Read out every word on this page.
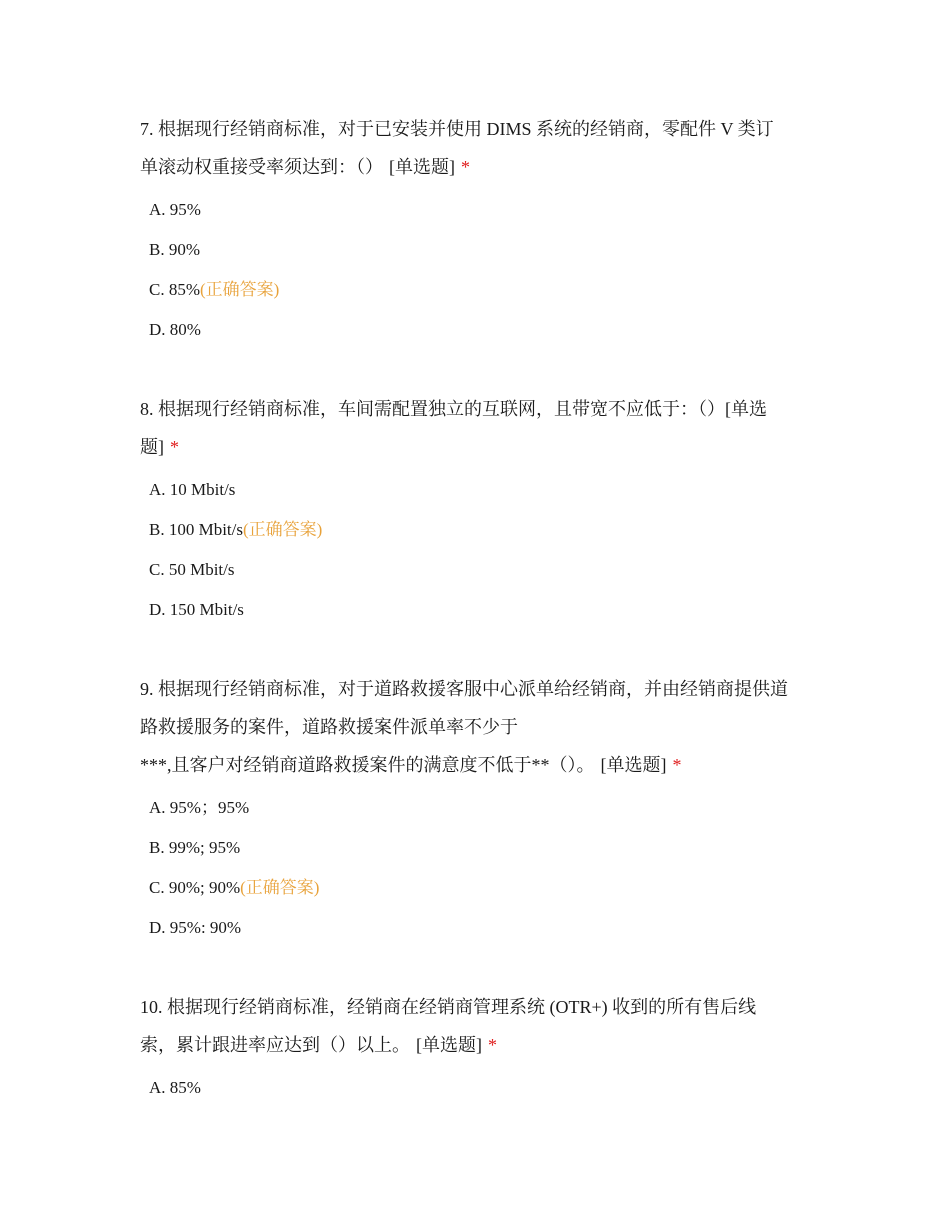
7. 根据现行经销商标准，对于已安装并使用 DIMS 系统的经销商，零配件 V 类订
单滚动权重接受率须达到：（） [单选题] *

A. 95%
B. 90%
C. 85%(正确答案)
D. 80%

8. 根据现行经销商标准，车间需配置独立的互联网，且带宽不应低于：（）[单选
题] *

A. 10 Mbit/s
B. 100 Mbit/s(正确答案)
C. 50 Mbit/s
D. 150 Mbit/s

9. 根据现行经销商标准，对于道路救援客服中心派单给经销商，并由经销商提供道
路救援服务的案件，道路救援案件派单率不少于
***,且客户对经销商道路救援案件的满意度不低于**（）。 [单选题] *

A. 95%；95%
B. 99%; 95%
C. 90%; 90%(正确答案)
D. 95%: 90%

10. 根据现行经销商标准，经销商在经销商管理系统 (OTR+) 收到的所有售后线
索，累计跟进率应达到（）以上。 [单选题] *

A. 85%
